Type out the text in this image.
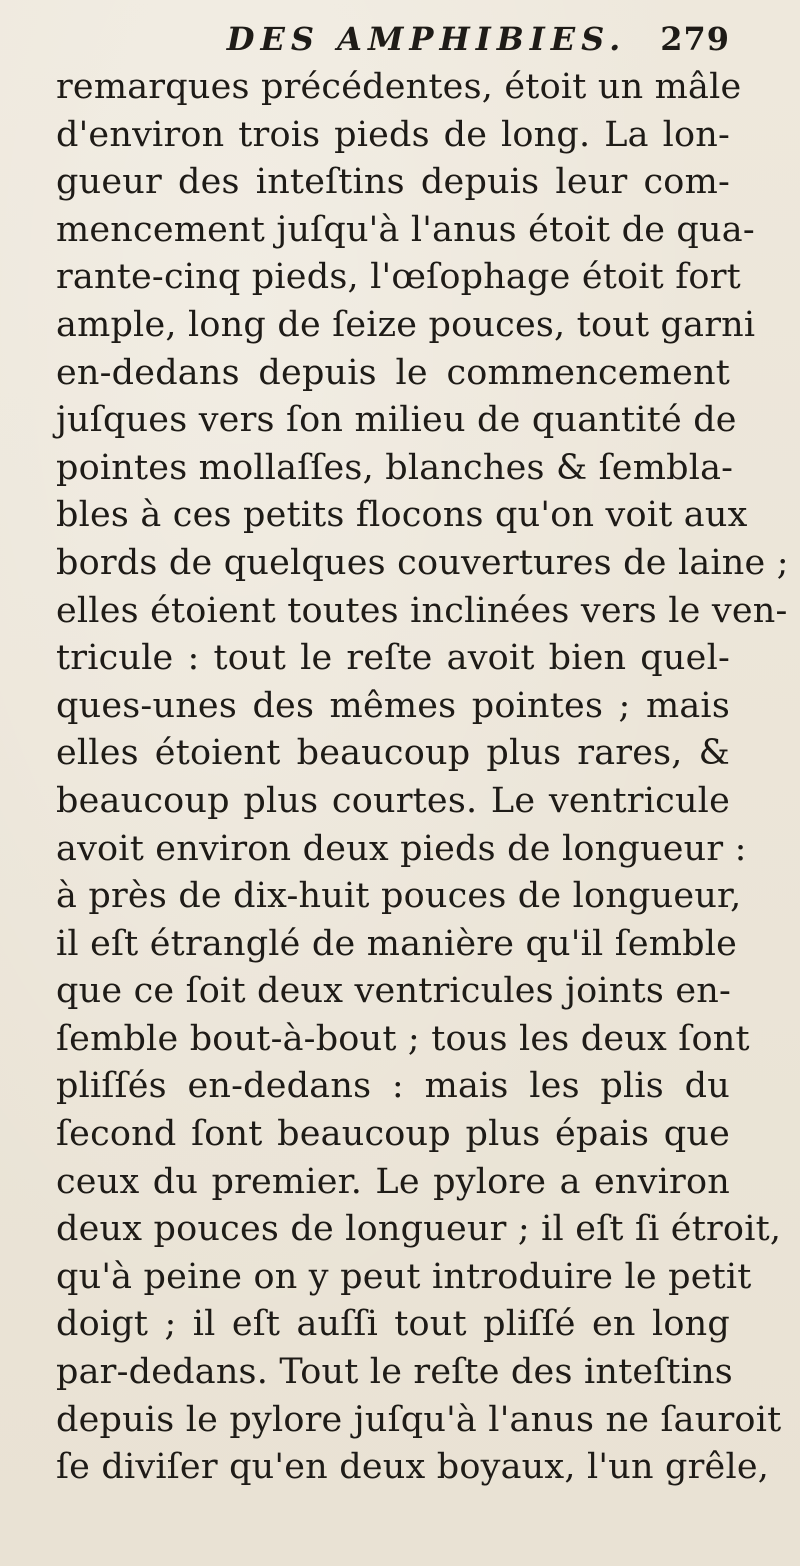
DES AMPHIBIES. 279
remarques précédentes, étoit un mâle
d'environ trois pieds de long. La lon-
gueur des inteſtins depuis leur com-
mencement juſqu'à l'anus étoit de qua-
rante-cinq pieds, l'œſophage étoit fort
ample, long de ſeize pouces, tout garni
en-dedans depuis le commencement
juſques vers ſon milieu de quantité de
pointes mollaſſes, blanches & ſembla-
bles à ces petits flocons qu'on voit aux
bords de quelques couvertures de laine ;
elles étoient toutes inclinées vers le ven-
tricule : tout le reſte avoit bien quel-
ques-unes des mêmes pointes ; mais
elles étoient beaucoup plus rares, &
beaucoup plus courtes. Le ventricule
avoit environ deux pieds de longueur :
à près de dix-huit pouces de longueur,
il eſt étranglé de manière qu'il ſemble
que ce ſoit deux ventricules joints en-
ſemble bout-à-bout ; tous les deux ſont
pliſſés en-dedans : mais les plis du
ſecond ſont beaucoup plus épais que
ceux du premier. Le pylore a environ
deux pouces de longueur ; il eſt ſi étroit,
qu'à peine on y peut introduire le petit
doigt ; il eſt auſſi tout pliſſé en long
par-dedans. Tout le reſte des inteſtins
depuis le pylore juſqu'à l'anus ne ſauroit
ſe diviſer qu'en deux boyaux, l'un grêle,
